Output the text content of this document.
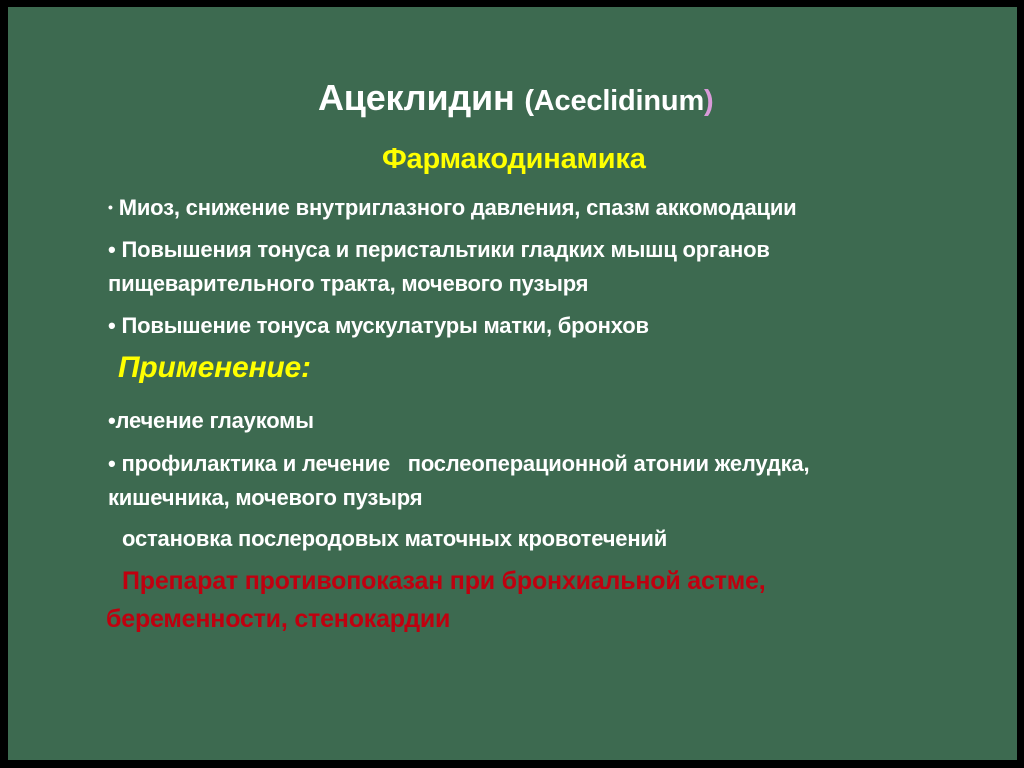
Ацеклидин (Aceclidinum)
Фармакодинамика
• Миоз, снижение внутриглазного давления, спазм аккомодации
• Повышения тонуса и перистальтики гладких мышц органов
пищеварительного тракта, мочевого пузыря
• Повышение тонуса мускулатуры матки, бронхов
Применение:
•лечение глаукомы
• профилактика и лечение   послеоперационной атонии желудка,
кишечника, мочевого пузыря
остановка послеродовых маточных кровотечений
Препарат противопоказан при бронхиальной астме,
беременности, стенокардии
